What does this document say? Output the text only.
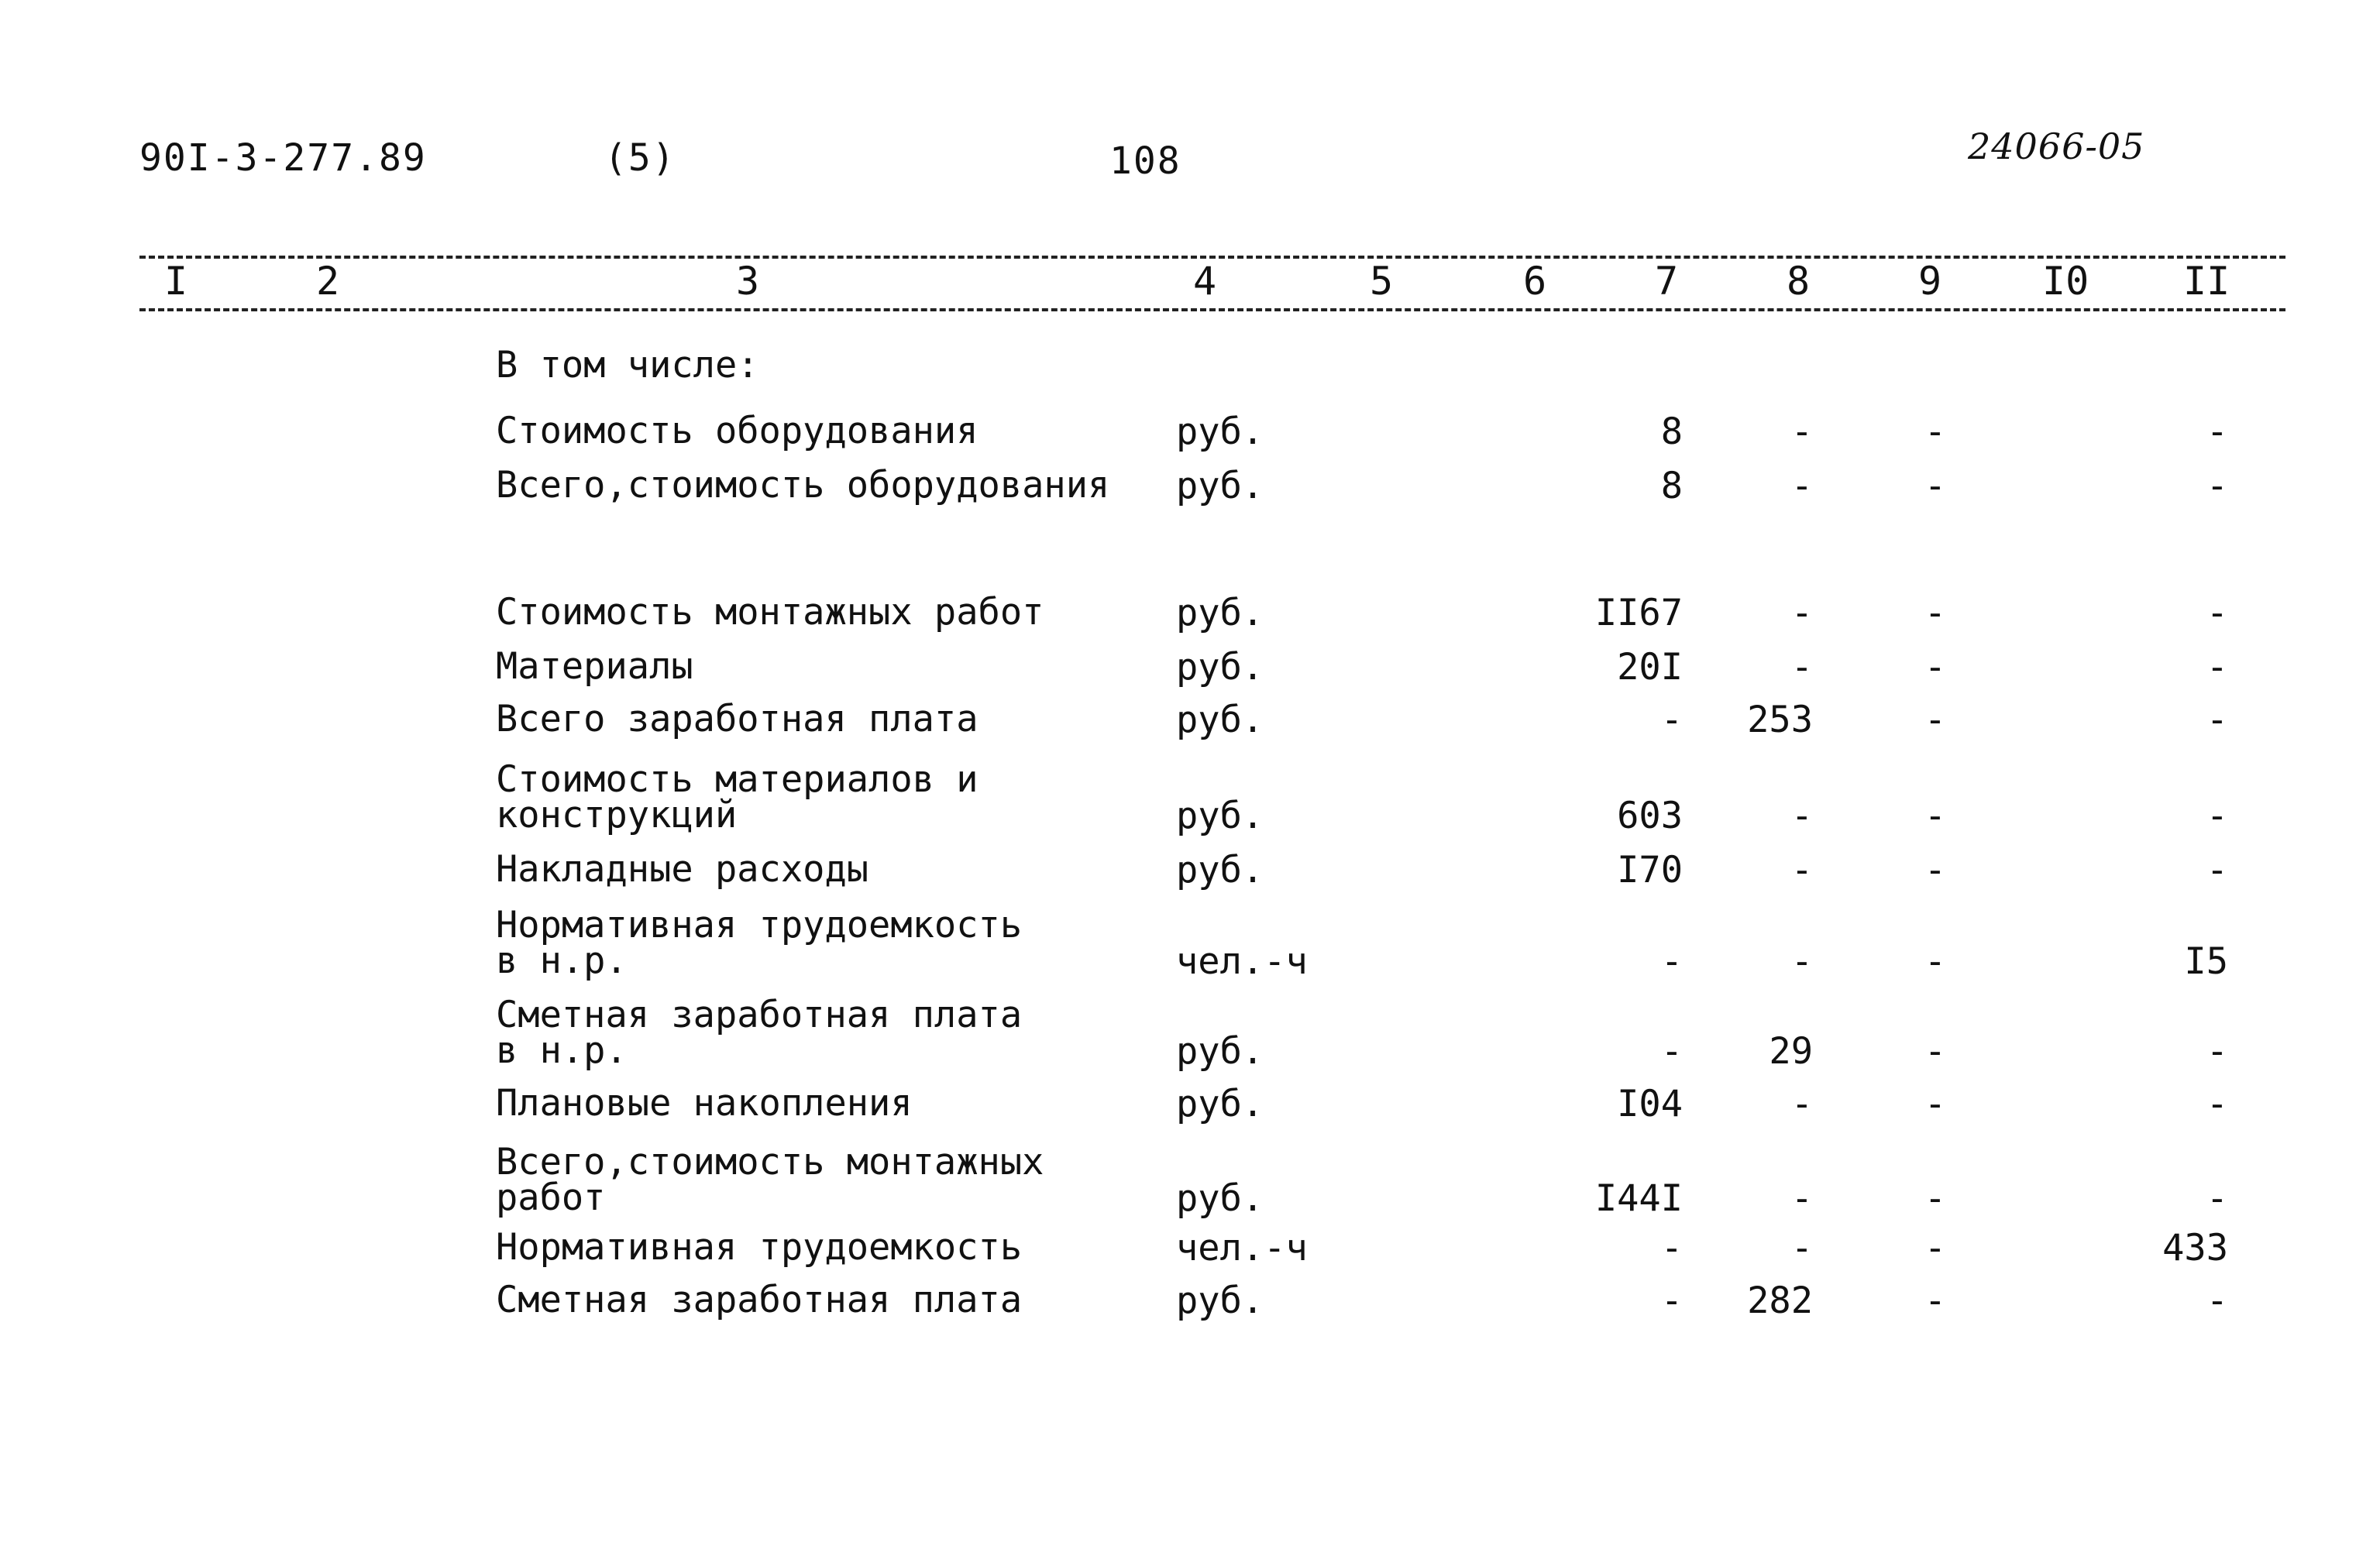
90I-3-277.89	(5)	108	24066-05
I	2	3	4	5	6	7	8	9	I0 II
В том числе:
Стоимость оборудования	руб.	8	-	-	-
Всего,стоимость оборудования руб.	8	-	-	-
Стоимость монтажных работ	руб.	II67	-	-	-
Материалы	руб.	20I	-	-	-
Всего заработная плата	руб.	- 253	-	-
Стоимость материалов и
конструкций	руб.	603	-	-	-
Накладные расходы	руб.	I70	-	-	-
Нормативная трудоемкость
в н.р.	чел.-ч	-	-	-	I5
Сметная заработная плата
в н.р.	руб.	- 29	-	-
Плановые накопления	руб.	I04	-	-	-
Всего,стоимость монтажных
работ	руб.	I44I	-	-	-
Нормативная трудоемкость	чел.-ч	-	-	-	433
Сметная заработная плата	руб.	- 282	-	-
